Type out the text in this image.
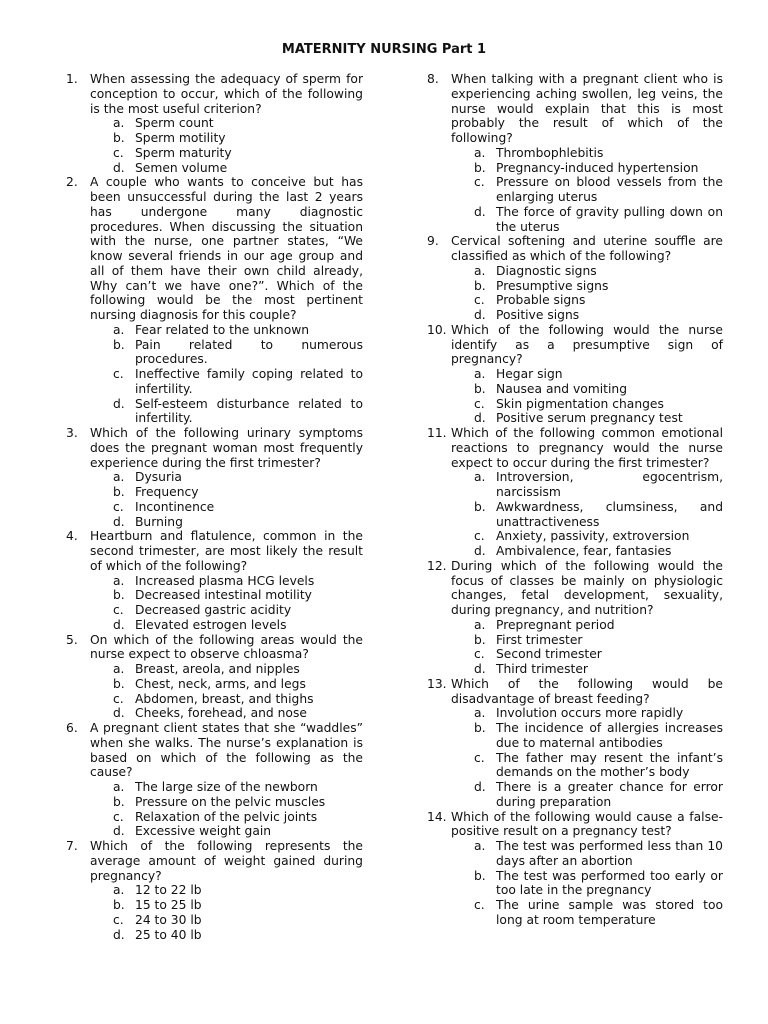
MATERNITY NURSING Part 1
1. When assessing the adequacy of sperm for conception to occur, which of the following is the most useful criterion?
a. Sperm count
b. Sperm motility
c. Sperm maturity
d. Semen volume
2. A couple who wants to conceive but has been unsuccessful during the last 2 years has undergone many diagnostic procedures. When discussing the situation with the nurse, one partner states, “We know several friends in our age group and all of them have their own child already, Why can’t we have one?”. Which of the following would be the most pertinent nursing diagnosis for this couple?
a. Fear related to the unknown
b. Pain related to numerous procedures.
c. Ineffective family coping related to infertility.
d. Self-esteem disturbance related to infertility.
3. Which of the following urinary symptoms does the pregnant woman most frequently experience during the first trimester?
a. Dysuria
b. Frequency
c. Incontinence
d. Burning
4. Heartburn and flatulence, common in the second trimester, are most likely the result of which of the following?
a. Increased plasma HCG levels
b. Decreased intestinal motility
c. Decreased gastric acidity
d. Elevated estrogen levels
5. On which of the following areas would the nurse expect to observe chloasma?
a. Breast, areola, and nipples
b. Chest, neck, arms, and legs
c. Abdomen, breast, and thighs
d. Cheeks, forehead, and nose
6. A pregnant client states that she “waddles” when she walks. The nurse’s explanation is based on which of the following as the cause?
a. The large size of the newborn
b. Pressure on the pelvic muscles
c. Relaxation of the pelvic joints
d. Excessive weight gain
7. Which of the following represents the average amount of weight gained during pregnancy?
a. 12 to 22 lb
b. 15 to 25 lb
c. 24 to 30 lb
d. 25 to 40 lb
8. When talking with a pregnant client who is experiencing aching swollen, leg veins, the nurse would explain that this is most probably the result of which of the following?
a. Thrombophlebitis
b. Pregnancy-induced hypertension
c. Pressure on blood vessels from the enlarging uterus
d. The force of gravity pulling down on the uterus
9. Cervical softening and uterine souffle are classified as which of the following?
a. Diagnostic signs
b. Presumptive signs
c. Probable signs
d. Positive signs
10. Which of the following would the nurse identify as a presumptive sign of pregnancy?
a. Hegar sign
b. Nausea and vomiting
c. Skin pigmentation changes
d. Positive serum pregnancy test
11. Which of the following common emotional reactions to pregnancy would the nurse expect to occur during the first trimester?
a. Introversion, egocentrism, narcissism
b. Awkwardness, clumsiness, and unattractiveness
c. Anxiety, passivity, extroversion
d. Ambivalence, fear, fantasies
12. During which of the following would the focus of classes be mainly on physiologic changes, fetal development, sexuality, during pregnancy, and nutrition?
a. Prepregnant period
b. First trimester
c. Second trimester
d. Third trimester
13. Which of the following would be disadvantage of breast feeding?
a. Involution occurs more rapidly
b. The incidence of allergies increases due to maternal antibodies
c. The father may resent the infant’s demands on the mother’s body
d. There is a greater chance for error during preparation
14. Which of the following would cause a false-positive result on a pregnancy test?
a. The test was performed less than 10 days after an abortion
b. The test was performed too early or too late in the pregnancy
c. The urine sample was stored too long at room temperature
